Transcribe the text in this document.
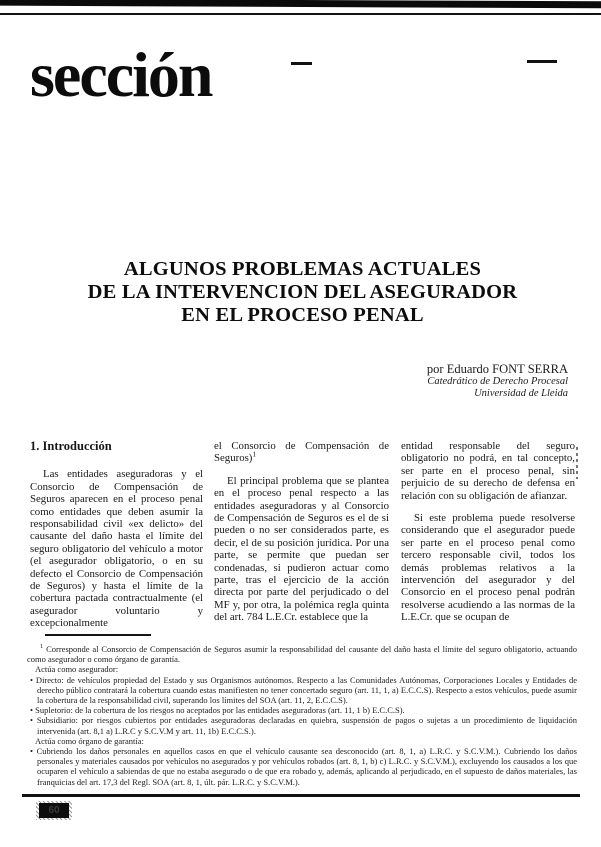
sección
ALGUNOS PROBLEMAS ACTUALES
DE LA INTERVENCION DEL ASEGURADOR
EN EL PROCESO PENAL
por Eduardo FONT SERRA
Catedrático de Derecho Procesal
Universidad de Lleida
1. Introducción

Las entidades aseguradoras y el Consorcio de Compensación de Seguros aparecen en el proceso penal como entidades que deben asumir la responsabilidad civil «ex delicto» del causante del daño hasta el límite del seguro obligatorio del vehículo a motor (el asegurador obligatorio, o en su defecto el Consorcio de Compensación de Seguros) y hasta el límite de la cobertura pactada contractualmente (el asegurador voluntario y excepcionalmente

el Consorcio de Compensación de Seguros)$^1$

El principal problema que se plantea en el proceso penal respecto a las entidades aseguradoras y al Consorcio de Compensación de Seguros es el de si pueden o no ser considerados parte, es decir, el de su posición jurídica. Por una parte, se permite que puedan ser condenadas, si pudieron actuar como parte, tras el ejercicio de la acción directa por parte del perjudicado o del MF y, por otra, la polémica regla quinta del art. 784 L.E.Cr. establece que la

entidad responsable del seguro obligatorio no podrá, en tal concepto, ser parte en el proceso penal, sin perjuicio de su derecho de defensa en relación con su obligación de afianzar.

Si este problema puede resolverse considerando que el asegurador puede ser parte en el proceso penal como tercero responsable civil, todos los demás problemas relativos a la intervención del asegurador y del Consorcio en el proceso penal podrán resolverse acudiendo a las normas de la L.E.Cr. que se ocupan de

$^1$ Corresponde al Consorcio de Compensación de Seguros asumir la responsabilidad del causante del daño hasta el límite del seguro obligatorio, actuando como asegurador o como órgano de garantía.

Actúa como asegurador:

• Directo: de vehículos propiedad del Estado y sus Organismos autónomos. Respecto a las Comunidades Autónomas, Corporaciones Locales y Entidades de derecho público contratará la cobertura cuando estas manifiesten no tener concertado seguro (art. 11, 1, a) E.C.C.S). Respecto a estos vehículos, puede asumir la cobertura de la responsabilidad civil, superando los límites del SOA (art. 11, 2, E.C.C.S).

• Supletorio: de la cobertura de los riesgos no aceptados por las entidades aseguradoras (art. 11, 1 b) E.C.C.S).

• Subsidiario: por riesgos cubiertos por entidades aseguradoras declaradas en quiebra, suspensión de pagos o sujetas a un procedimiento de liquidación intervenida (art. 8,1 a) L.R.C y S.C.V.M y art. 11, 1b) E.C.C.S.).

Actúa como órgano de garantía:

• Cubriendo los daños personales en aquellos casos en que el vehículo causante sea desconocido (art. 8, 1, a) L.R.C. y S.C.V.M.). Cubriendo los daños personales y materiales causados por vehículos no asegurados y por vehículos robados (art. 8, 1, b) c) L.R.C. y S.C.V.M.), excluyendo los causados a los que ocuparen el vehículo a sabiendas de que no estaba asegurado o de que era robado y, además, aplicando al perjudicado, en el supuesto de daños materiales, las franquicias del art. 17,3 del Regl. SOA (art. 8, 1, últ. pár. L.R.C. y S.C.V.M.).

60
